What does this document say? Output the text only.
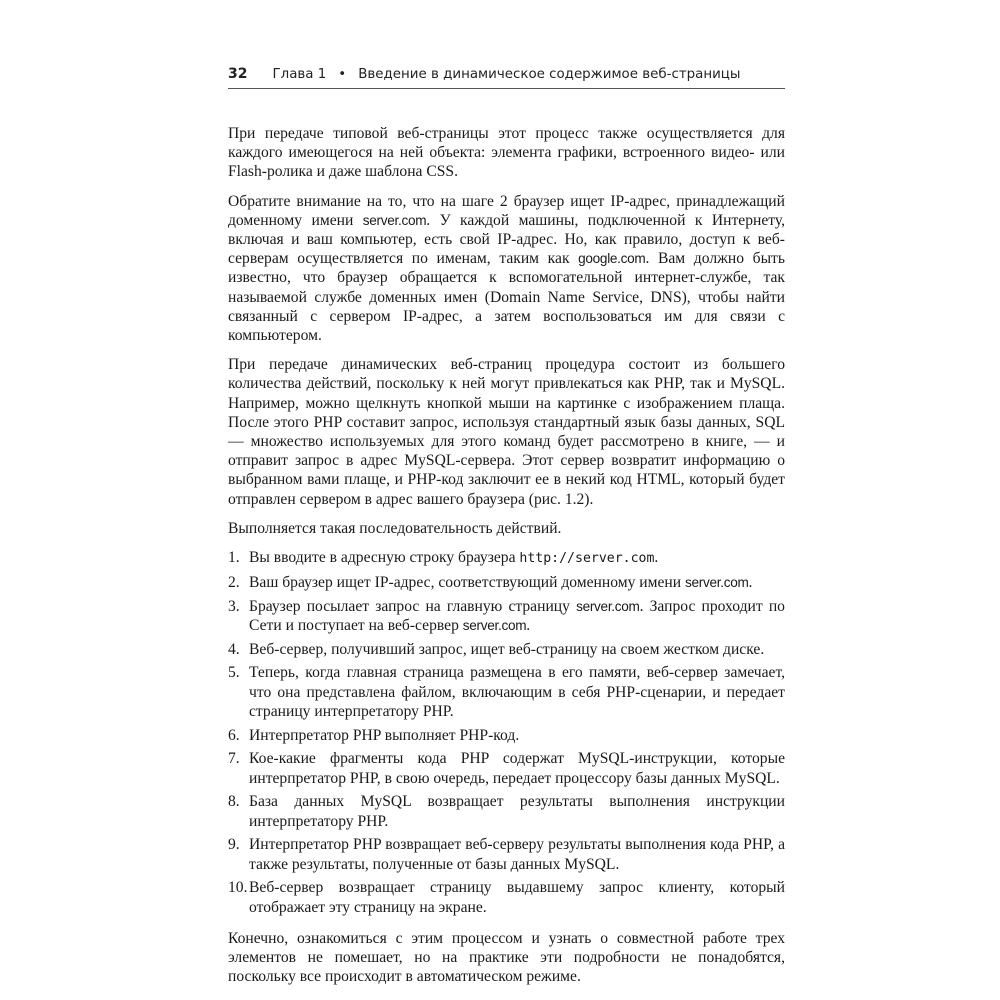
32 Глава 1 • Введение в динамическое содержимое веб-страницы

При передаче типовой веб-страницы этот процесс также осуществляется для каждого имеющегося на ней объекта: элемента графики, встроенного видео- или Flash-ролика и даже шаблона CSS.

Обратите внимание на то, что на шаге 2 браузер ищет IP-адрес, принадлежащий доменному имени server.com. У каждой машины, подключенной к Интернету, включая и ваш компьютер, есть свой IP-адрес. Но, как правило, доступ к веб-серверам осуществляется по именам, таким как google.com. Вам должно быть известно, что браузер обращается к вспомогательной интернет-службе, так называемой службе доменных имен (Domain Name Service, DNS), чтобы найти связанный с сервером IP-адрес, а затем воспользоваться им для связи с компьютером.

При передаче динамических веб-страниц процедура состоит из большего количества действий, поскольку к ней могут привлекаться как PHP, так и MySQL. Например, можно щелкнуть кнопкой мыши на картинке с изображением плаща. После этого PHP составит запрос, используя стандартный язык базы данных, SQL — множество используемых для этого команд будет рассмотрено в книге, — и отправит запрос в адрес MySQL-сервера. Этот сервер возвратит информацию о выбранном вами плаще, и PHP-код заключит ее в некий код HTML, который будет отправлен сервером в адрес вашего браузера (рис. 1.2).

Выполняется такая последовательность действий.

1. Вы вводите в адресную строку браузера http://server.com.
2. Ваш браузер ищет IP-адрес, соответствующий доменному имени server.com.
3. Браузер посылает запрос на главную страницу server.com. Запрос проходит по Сети и поступает на веб-сервер server.com.
4. Веб-сервер, получивший запрос, ищет веб-страницу на своем жестком диске.
5. Теперь, когда главная страница размещена в его памяти, веб-сервер замечает, что она представлена файлом, включающим в себя PHP-сценарии, и передает страницу интерпретатору PHP.
6. Интерпретатор PHP выполняет PHP-код.
7. Кое-какие фрагменты кода PHP содержат MySQL-инструкции, которые интерпретатор PHP, в свою очередь, передает процессору базы данных MySQL.
8. База данных MySQL возвращает результаты выполнения инструкции интерпретатору PHP.
9. Интерпретатор PHP возвращает веб-серверу результаты выполнения кода PHP, а также результаты, полученные от базы данных MySQL.
10. Веб-сервер возвращает страницу выдавшему запрос клиенту, который отображает эту страницу на экране.

Конечно, ознакомиться с этим процессом и узнать о совместной работе трех элементов не помешает, но на практике эти подробности не понадобятся, поскольку все происходит в автоматическом режиме.
